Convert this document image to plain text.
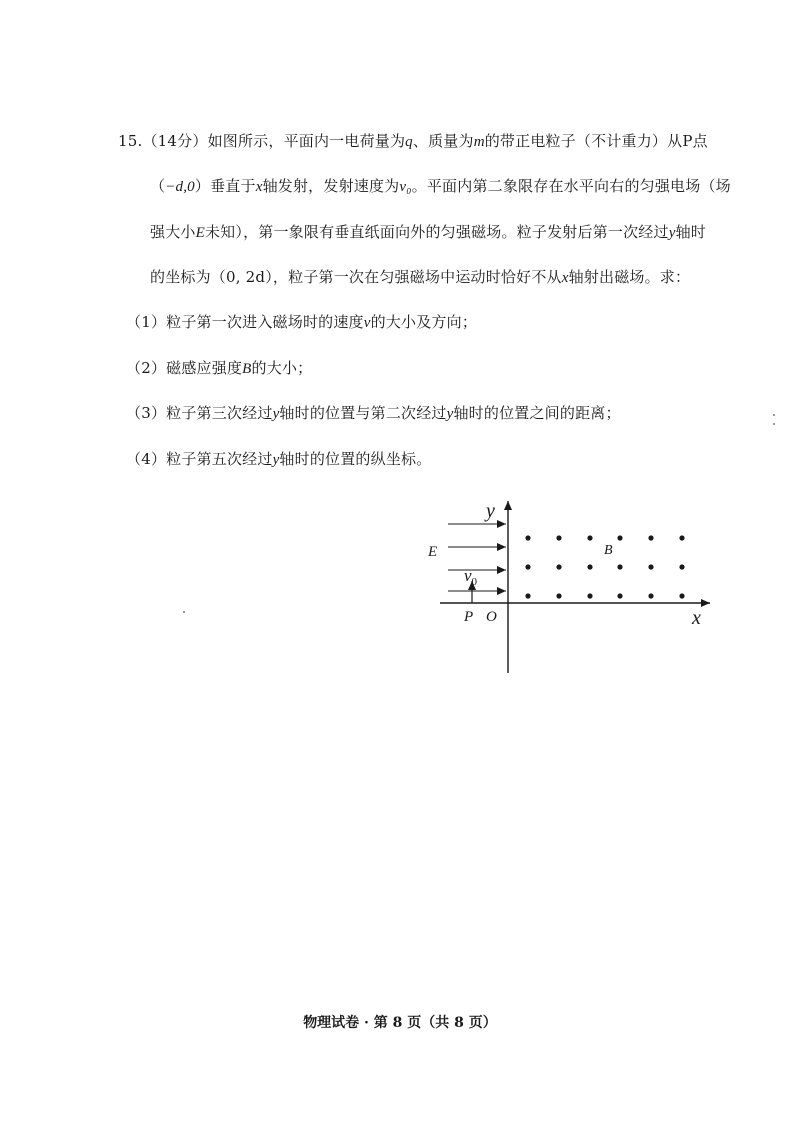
15.（14分）如图所示，平面内一电荷量为q、质量为m的带正电粒子（不计重力）从P点
（−d,0）垂直于x轴发射，发射速度为v₀。平面内第二象限存在水平向右的匀强电场（场
强大小E未知），第一象限有垂直纸面向外的匀强磁场。粒子发射后第一次经过y轴时
的坐标为（0, 2d），粒子第一次在匀强磁场中运动时恰好不从x轴射出磁场。求：
（1）粒子第一次进入磁场时的速度v的大小及方向；
（2）磁感应强度B的大小；
（3）粒子第三次经过y轴时的位置与第二次经过y轴时的位置之间的距离；
（4）粒子第五次经过y轴时的位置的纵坐标。
y
x
E
$v_0$
B
P O
物理试卷 · 第 8 页（共 8 页）
